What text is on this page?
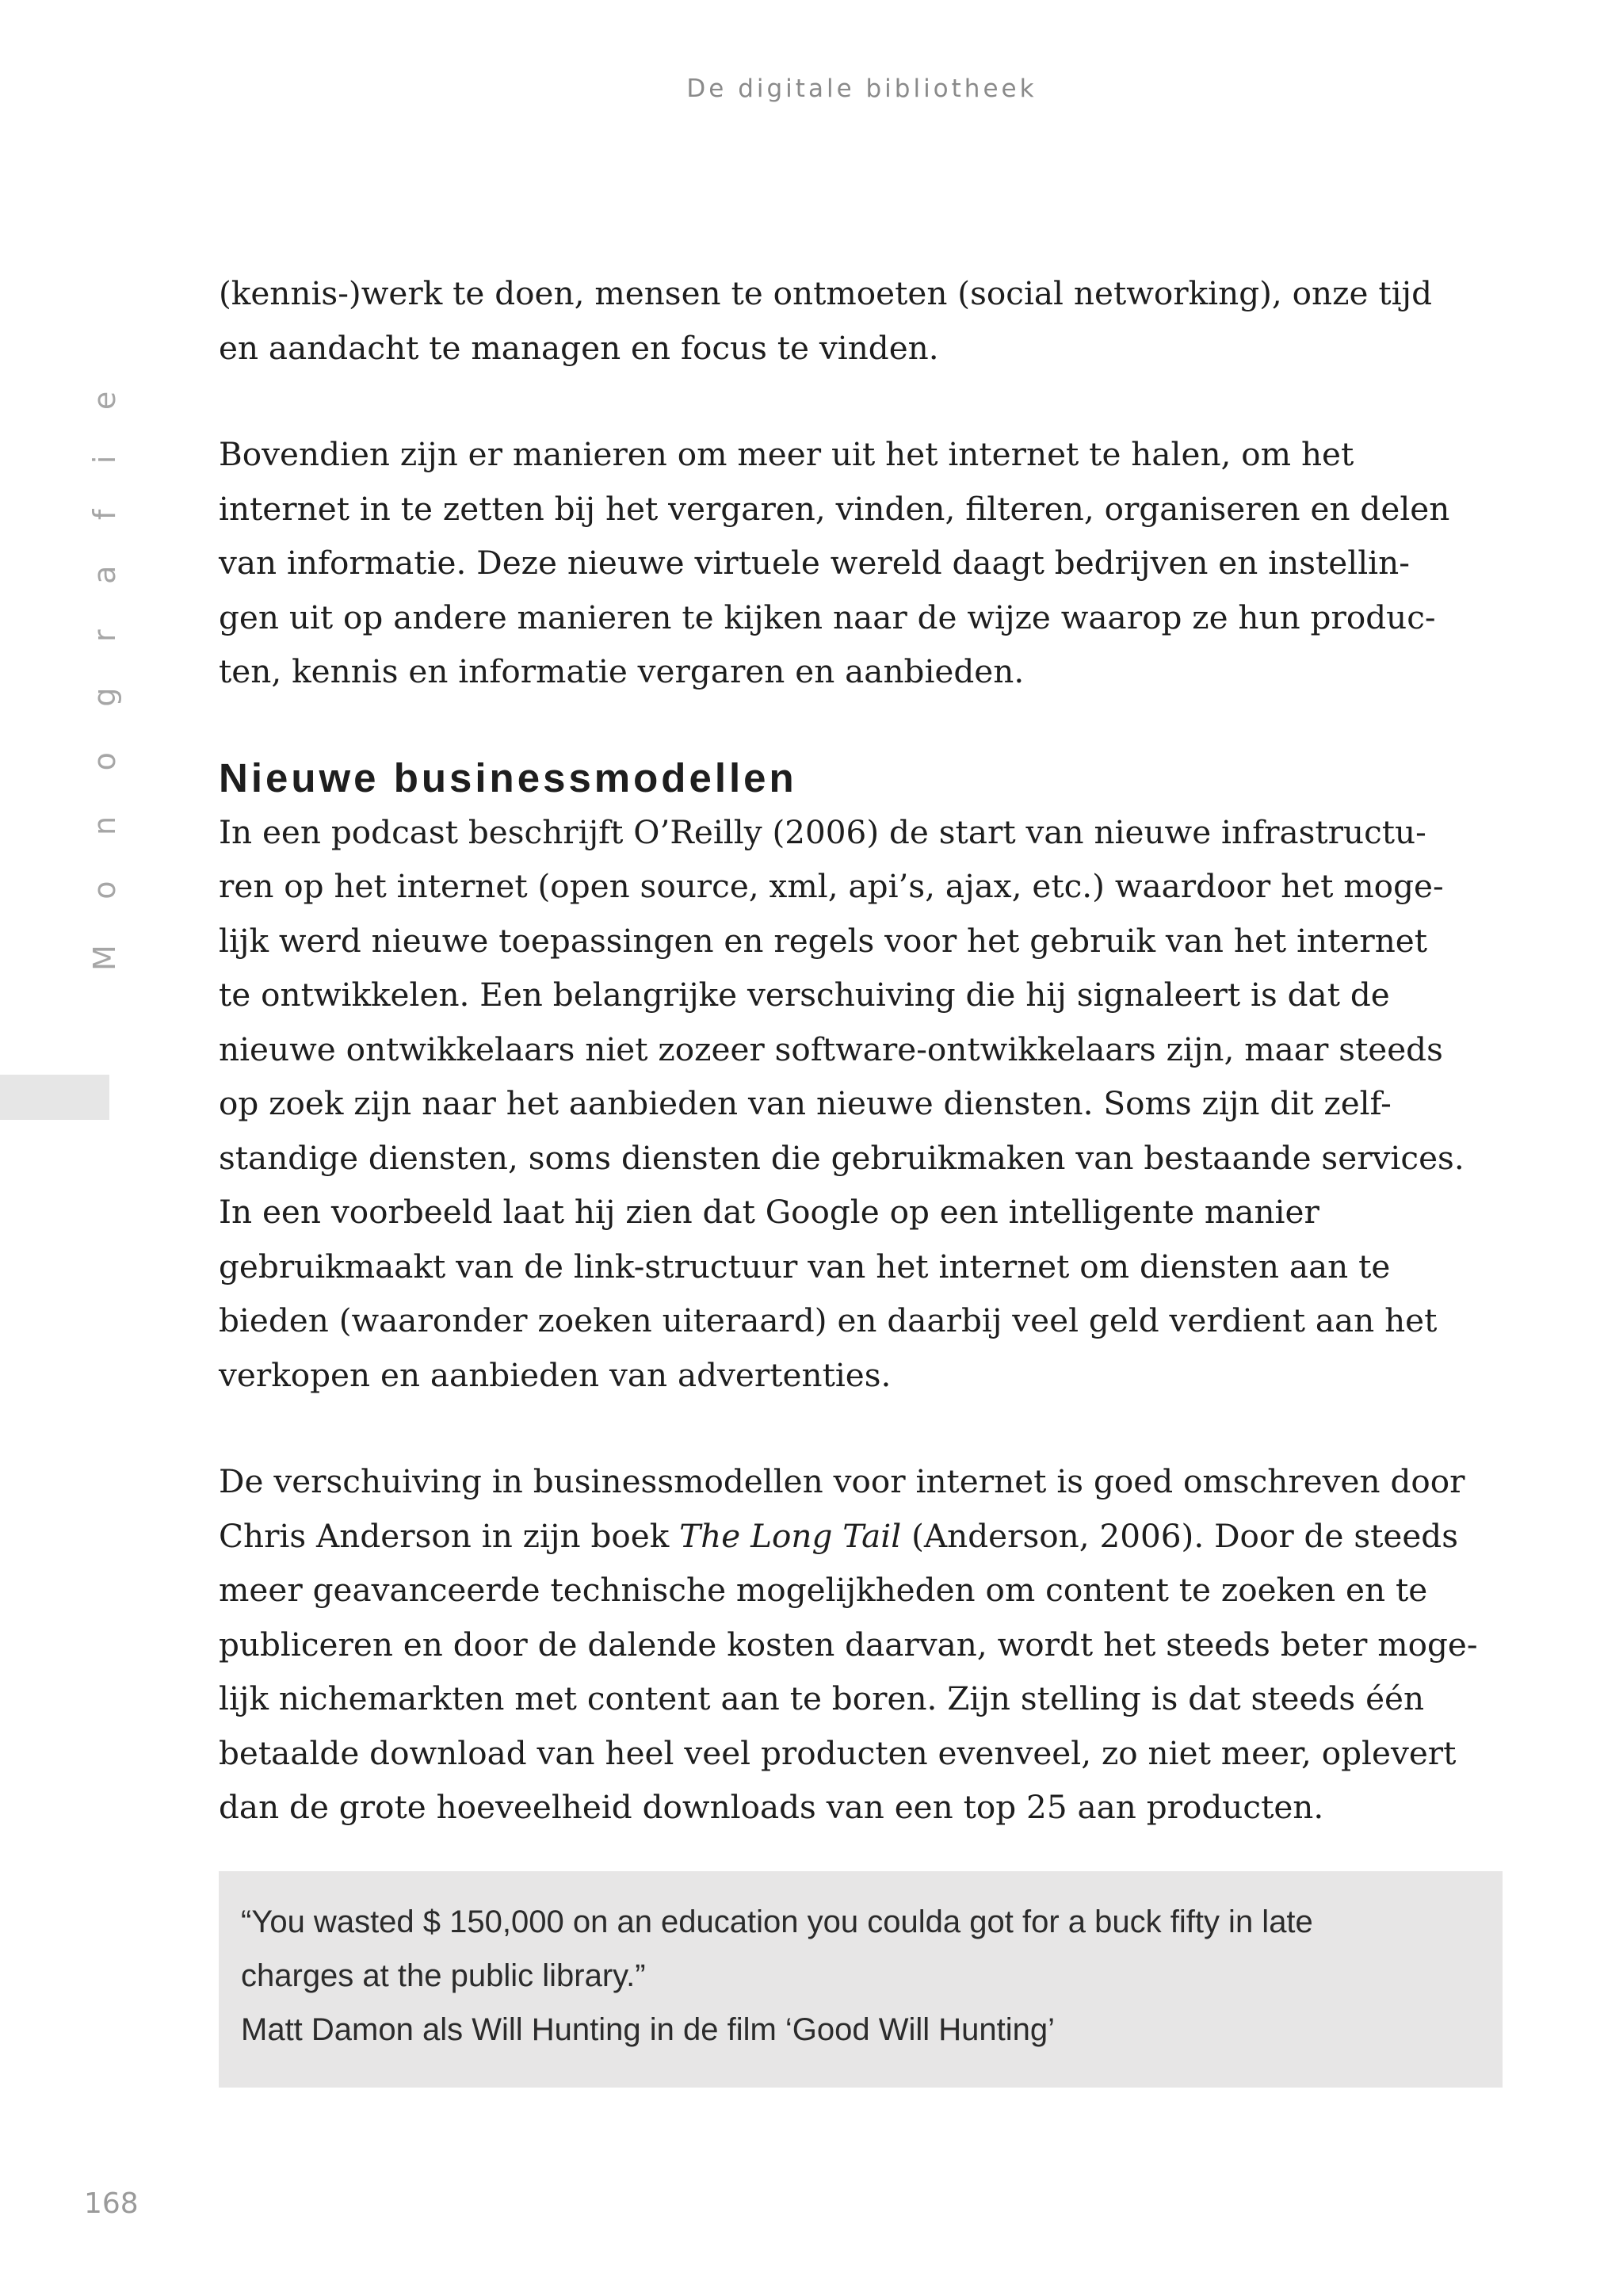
De digitale bibliotheek
Monografie
(kennis-)werk te doen, mensen te ontmoeten (social networking), onze tijd
en aandacht te managen en focus te vinden.
Bovendien zijn er manieren om meer uit het internet te halen, om het
internet in te zetten bij het vergaren, vinden, filteren, organiseren en delen
van informatie. Deze nieuwe virtuele wereld daagt bedrijven en instellin-
gen uit op andere manieren te kijken naar de wijze waarop ze hun produc-
ten, kennis en informatie vergaren en aanbieden.
Nieuwe businessmodellen
In een podcast beschrijft O’Reilly (2006) de start van nieuwe infrastructu-
ren op het internet (open source, xml, api’s, ajax, etc.) waardoor het moge-
lijk werd nieuwe toepassingen en regels voor het gebruik van het internet
te ontwikkelen. Een belangrijke verschuiving die hij signaleert is dat de
nieuwe ontwikkelaars niet zozeer software-ontwikkelaars zijn, maar steeds
op zoek zijn naar het aanbieden van nieuwe diensten. Soms zijn dit zelf-
standige diensten, soms diensten die gebruikmaken van bestaande services.
In een voorbeeld laat hij zien dat Google op een intelligente manier
gebruikmaakt van de link-structuur van het internet om diensten aan te
bieden (waaronder zoeken uiteraard) en daarbij veel geld verdient aan het
verkopen en aanbieden van advertenties.
De verschuiving in businessmodellen voor internet is goed omschreven door
Chris Anderson in zijn boek The Long Tail (Anderson, 2006). Door de steeds
meer geavanceerde technische mogelijkheden om content te zoeken en te
publiceren en door de dalende kosten daarvan, wordt het steeds beter moge-
lijk nichemarkten met content aan te boren. Zijn stelling is dat steeds één
betaalde download van heel veel producten evenveel, zo niet meer, oplevert
dan de grote hoeveelheid downloads van een top 25 aan producten.
“You wasted $ 150,000 on an education you coulda got for a buck fifty in late
charges at the public library.”
Matt Damon als Will Hunting in de film ‘Good Will Hunting’
168
